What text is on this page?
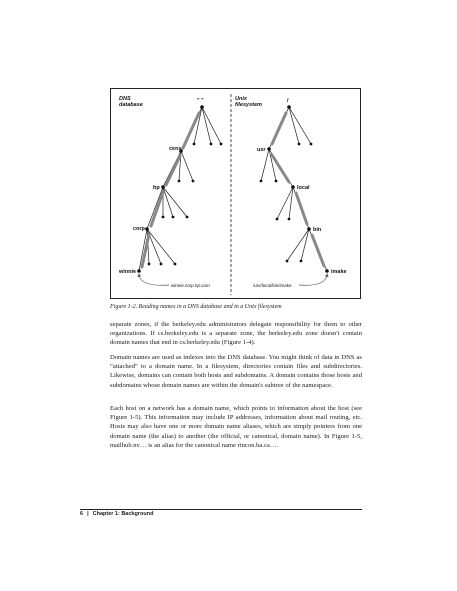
DNS
database
Unix
filesystem
" "
cens
hp
corp
winnie
winnie.corp.hp.com
/
usr
local
bin
imake
/usr/local/bin/imake
Figure 1-2. Reading names in a DNS database and in a Unix filesystem

separate zones, if the berkeley.edu administrators delegate responsibility for them to other organizations. If cs.berkeley.edu is a separate zone, the berkeley.edu zone doesn't contain domain names that end in cs.berkeley.edu (Figure 1-4).

Domain names are used as indexes into the DNS database. You might think of data in DNS as “attached” to a domain name. In a filesystem, directories contain files and subdirectories. Likewise, domains can contain both hosts and subdomains. A domain contains those hosts and subdomains whose domain names are within the domain's subtree of the namespace.

Each host on a network has a domain name, which points to information about the host (see Figure 1-5). This information may include IP addresses, information about mail routing, etc. Hosts may also have one or more domain name aliases, which are simply pointers from one domain name (the alias) to another (the official, or canonical, domain name). In Figure 1-5, mailhub.nv… is an alias for the canonical name rincon.ba.ca….

6 | Chapter 1: Background
